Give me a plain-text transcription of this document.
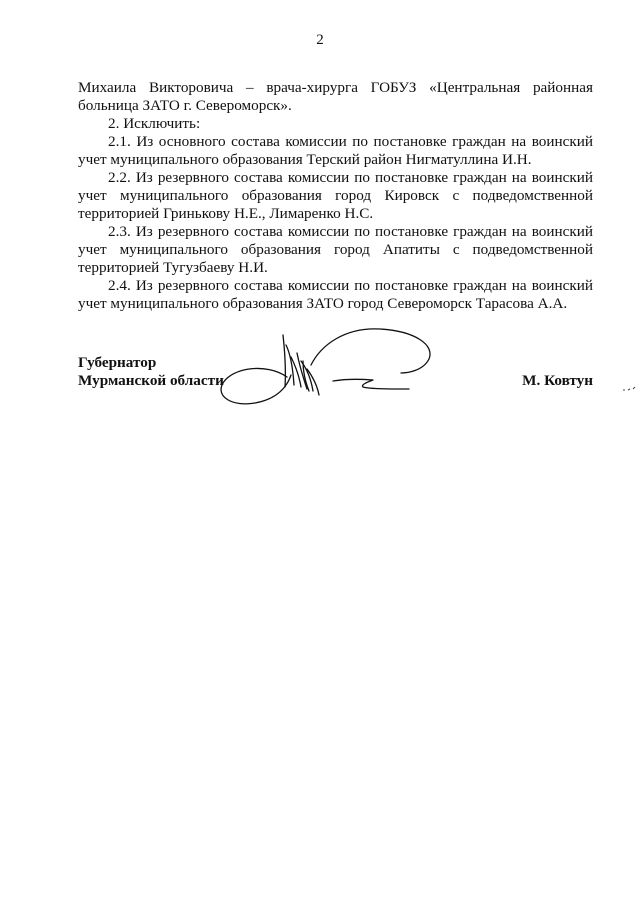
2

Михаила Викторовича – врача-хирурга ГОБУЗ «Центральная районная больница ЗАТО г. Североморск».

2. Исключить:

2.1. Из основного состава комиссии по постановке граждан на воинский учет муниципального образования Терский район Нигматуллина И.Н.

2.2. Из резервного состава комиссии по постановке граждан на воинский учет муниципального образования город Кировск с подведомственной территорией Гринькову Н.Е., Лимаренко Н.С.

2.3. Из резервного состава комиссии по постановке граждан на воинский учет муниципального образования город Апатиты с подведомственной территорией Тугузбаеву Н.И.

2.4. Из резервного состава комиссии по постановке граждан на воинский учет муниципального образования ЗАТО город Североморск Тарасова А.А.

Губернатор
Мурманской области	М. Ковтун
